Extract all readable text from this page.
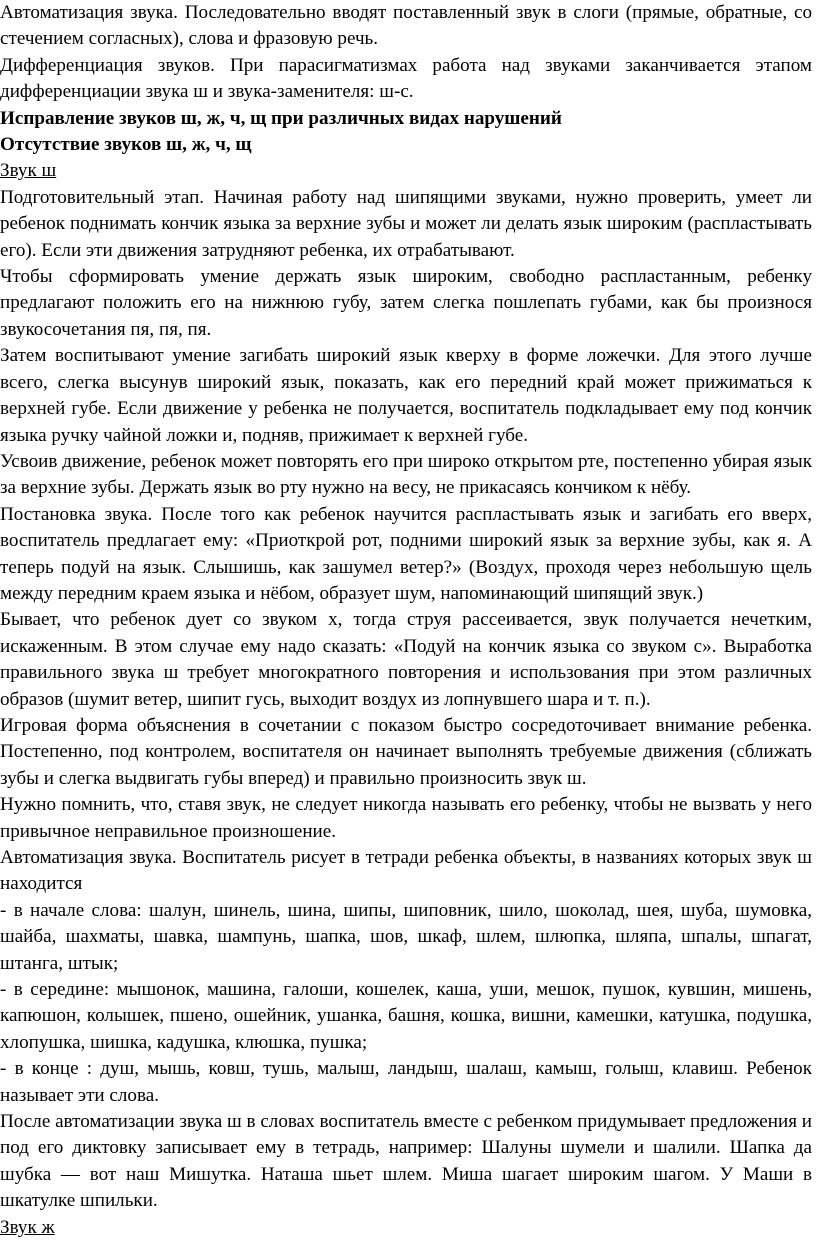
Автоматизация звука. Последовательно вводят поставленный звук в слоги (прямые, обратные, со стечением согласных), слова и фразовую речь.

Дифференциация звуков. При парасигматизмах работа над звуками заканчивается этапом дифференциации звука ш и звука-заменителя: ш-с.

Исправление звуков ш, ж, ч, щ при различных видах нарушений

Отсутствие звуков ш, ж, ч, щ

Звук ш

Подготовительный этап. Начиная работу над шипящими звуками, нужно проверить, умеет ли ребенок поднимать кончик языка за верхние зубы и может ли делать язык широким (распластывать его). Если эти движения затрудняют ребенка, их отрабатывают.

Чтобы сформировать умение держать язык широким, свободно распластанным, ребенку предлагают положить его на нижнюю губу, затем слегка пошлепать губами, как бы произнося звукосочетания пя, пя, пя.

Затем воспитывают умение загибать широкий язык кверху в форме ложечки. Для этого лучше всего, слегка высунув широкий язык, показать, как его передний край может прижиматься к верхней губе. Если движение у ребенка не получается, воспитатель подкладывает ему под кончик языка ручку чайной ложки и, подняв, прижимает к верхней губе.

Усвоив движение, ребенок может повторять его при широко открытом рте, постепенно убирая язык за верхние зубы. Держать язык во рту нужно на весу, не прикасаясь кончиком к нёбу.

Постановка звука. После того как ребенок научится распластывать язык и загибать его вверх, воспитатель предлагает ему: «Приоткрой рот, подними широкий язык за верхние зубы, как я. А теперь подуй на язык. Слышишь, как зашумел ветер?» (Воздух, проходя через небольшую щель между передним краем языка и нёбом, образует шум, напоминающий шипящий звук.)

Бывает, что ребенок дует со звуком х, тогда струя рассеивается, звук получается нечетким, искаженным. В этом случае ему надо сказать: «Подуй на кончик языка со звуком с». Выработка правильного звука ш требует многократного повторения и использования при этом различных образов (шумит ветер, шипит гусь, выходит воздух из лопнувшего шара и т. п.).

Игровая форма объяснения в сочетании с показом быстро сосредоточивает внимание ребенка. Постепенно, под контролем, воспитателя он начинает выполнять требуемые движения (сближать зубы и слегка выдвигать губы вперед) и правильно произносить звук ш.

Нужно помнить, что, ставя звук, не следует никогда называть его ребенку, чтобы не вызвать у него привычное неправильное произношение.

Автоматизация звука. Воспитатель рисует в тетради ребенка объекты, в названиях которых звук ш находится

- в начале слова: шалун, шинель, шина, шипы, шиповник, шило, шоколад, шея, шуба, шумовка, шайба, шахматы, шавка, шампунь, шапка, шов, шкаф, шлем, шлюпка, шляпа, шпалы, шпагат, штанга, штык;

- в середине: мышонок, машина, галоши, кошелек, каша, уши, мешок, пушок, кувшин, мишень, капюшон, колышек, пшено, ошейник, ушанка, башня, кошка, вишни, камешки, катушка, подушка, хлопушка, шишка, кадушка, клюшка, пушка;

- в конце : душ, мышь, ковш, тушь, малыш, ландыш, шалаш, камыш, голыш, клавиш. Ребенок называет эти слова.

После автоматизации звука ш в словах воспитатель вместе с ребенком придумывает предложения и под его диктовку записывает ему в тетрадь, например: Шалуны шумели и шалили. Шапка да шубка — вот наш Мишутка. Наташа шьет шлем. Миша шагает широким шагом. У Маши в шкатулке шпильки.

Звук ж
